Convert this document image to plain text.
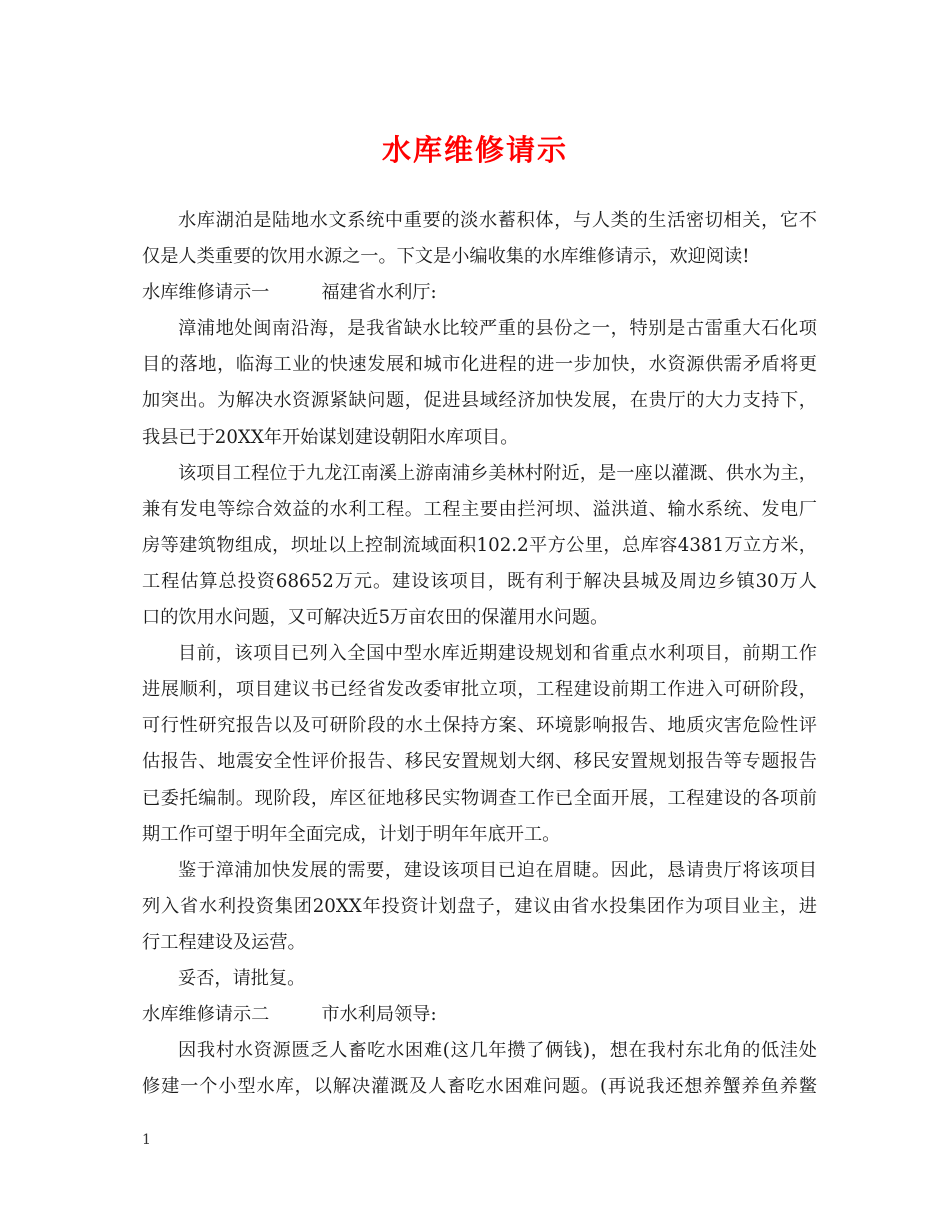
水库维修请示
水库湖泊是陆地水文系统中重要的淡水蓄积体，与人类的生活密切相关，它不
仅是人类重要的饮用水源之一。下文是小编收集的水库维修请示，欢迎阅读!
水库维修请示一	福建省水利厅:
漳浦地处闽南沿海，是我省缺水比较严重的县份之一，特别是古雷重大石化项
目的落地，临海工业的快速发展和城市化进程的进一步加快，水资源供需矛盾将更
加突出。为解决水资源紧缺问题，促进县域经济加快发展，在贵厅的大力支持下，
我县已于20XX年开始谋划建设朝阳水库项目。
该项目工程位于九龙江南溪上游南浦乡美林村附近，是一座以灌溉、供水为主，
兼有发电等综合效益的水利工程。工程主要由拦河坝、溢洪道、输水系统、发电厂
房等建筑物组成，坝址以上控制流域面积102.2平方公里，总库容4381万立方米，
工程估算总投资68652万元。建设该项目，既有利于解决县城及周边乡镇30万人
口的饮用水问题，又可解决近5万亩农田的保灌用水问题。
目前，该项目已列入全国中型水库近期建设规划和省重点水利项目，前期工作
进展顺利，项目建议书已经省发改委审批立项，工程建设前期工作进入可研阶段，
可行性研究报告以及可研阶段的水土保持方案、环境影响报告、地质灾害危险性评
估报告、地震安全性评价报告、移民安置规划大纲、移民安置规划报告等专题报告
已委托编制。现阶段，库区征地移民实物调查工作已全面开展，工程建设的各项前
期工作可望于明年全面完成，计划于明年年底开工。
鉴于漳浦加快发展的需要，建设该项目已迫在眉睫。因此，恳请贵厅将该项目
列入省水利投资集团20XX年投资计划盘子，建议由省水投集团作为项目业主，进
行工程建设及运营。
妥否，请批复。
水库维修请示二	市水利局领导:
因我村水资源匮乏人畜吃水困难(这几年攒了俩钱)，想在我村东北角的低洼处
修建一个小型水库，以解决灌溉及人畜吃水困难问题。(再说我还想养蟹养鱼养鳖
1
